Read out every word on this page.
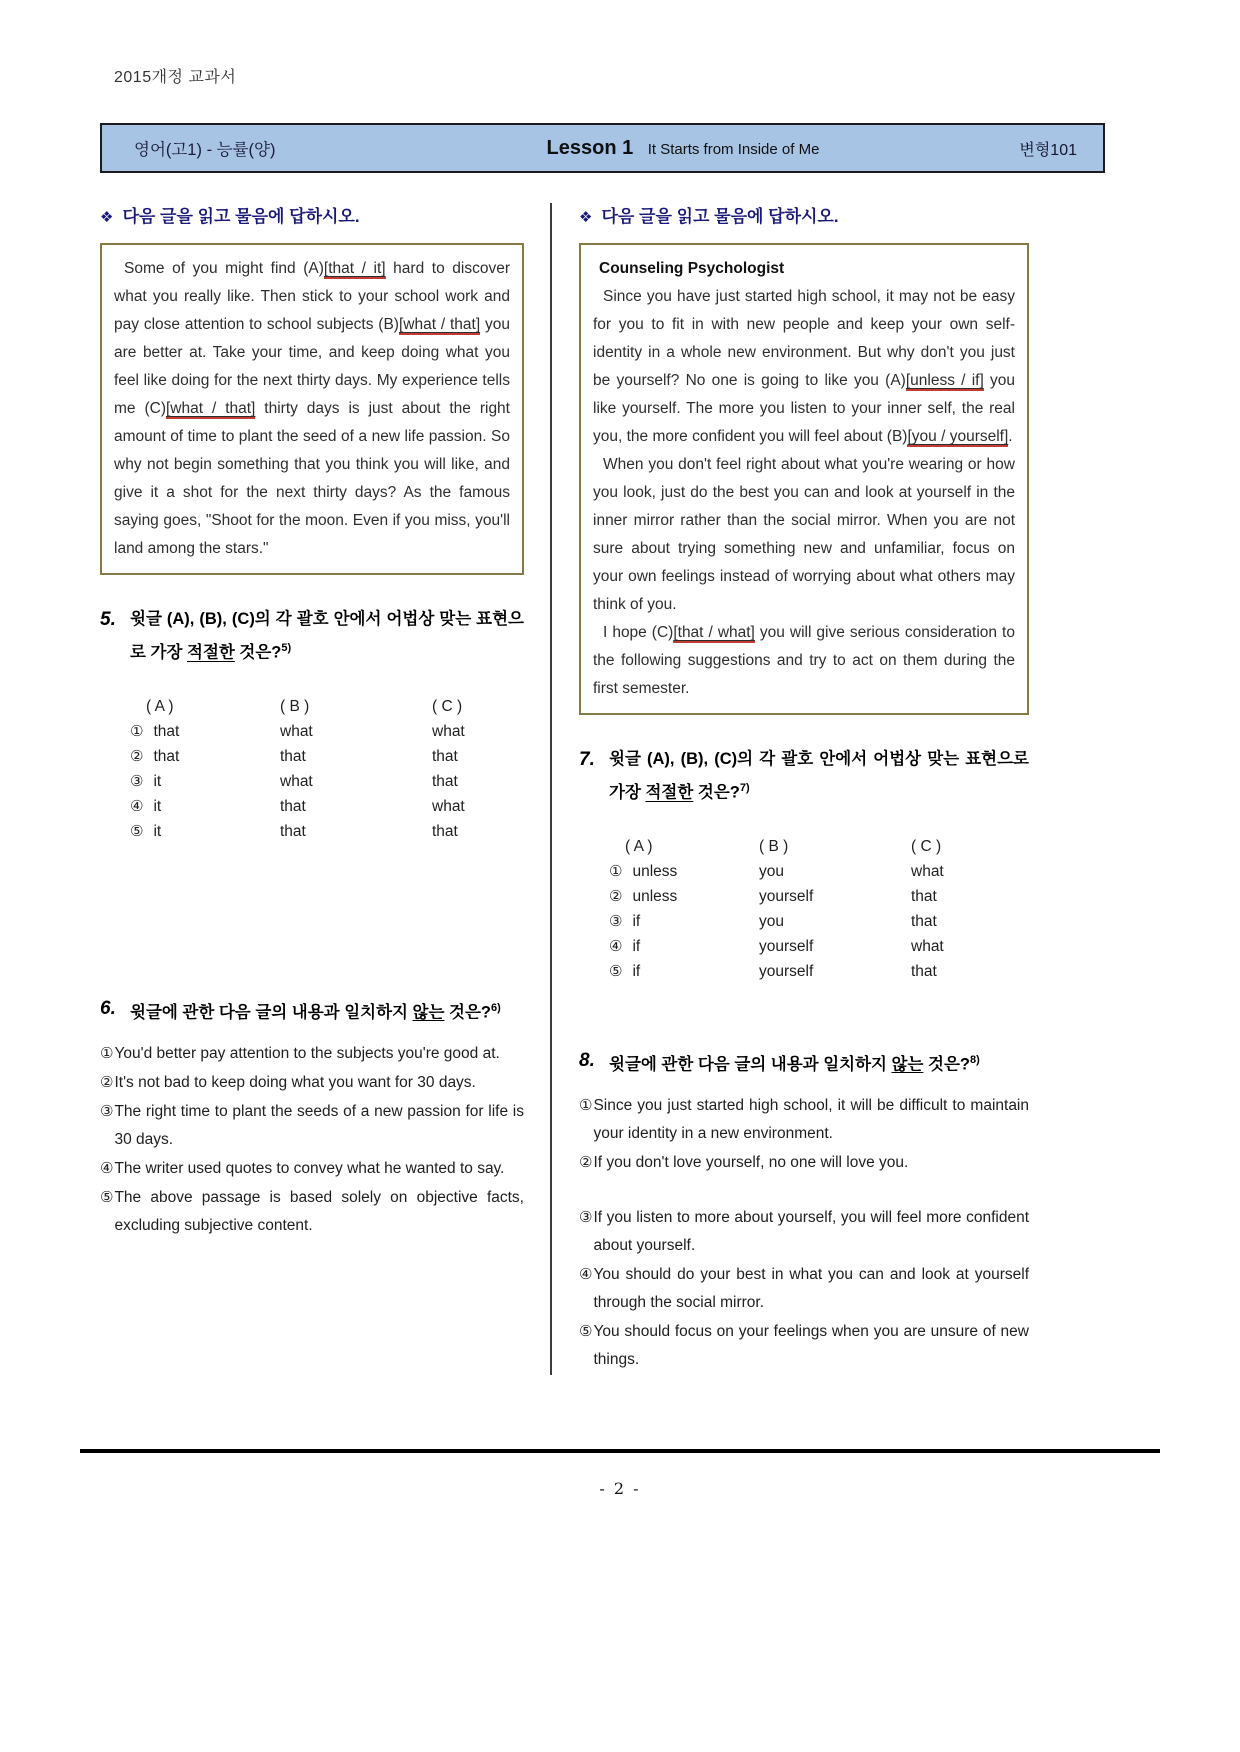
2015개정 교과서
영어(고1) - 능률(양)	Lesson 1 It Starts from Inside of Me	변형101
❖ 다음 글을 읽고 물음에 답하시오.
Some of you might find (A)[that / it] hard to discover what you really like. Then stick to your school work and pay close attention to school subjects (B)[what / that] you are better at. Take your time, and keep doing what you feel like doing for the next thirty days. My experience tells me (C)[what / that] thirty days is just about the right amount of time to plant the seed of a new life passion. So why not begin something that you think you will like, and give it a shot for the next thirty days? As the famous saying goes, "Shoot for the moon. Even if you miss, you'll land among the stars."
5. 윗글 (A), (B), (C)의 각 괄호 안에서 어법상 맞는 표현으로 가장 적절한 것은?$^{5)}$
( A )	( B )	( C )
① that	what	what
② that	that	that
③ it	what	that
④ it	that	what
⑤ it	that	that
6. 윗글에 관한 다음 글의 내용과 일치하지 않는 것은?$^{6)}$
① You'd better pay attention to the subjects you're good at.
② It's not bad to keep doing what you want for 30 days.
③ The right time to plant the seeds of a new passion for life is 30 days.
④ The writer used quotes to convey what he wanted to say.
⑤ The above passage is based solely on objective facts, excluding subjective content.
❖ 다음 글을 읽고 물음에 답하시오.
Counseling Psychologist
Since you have just started high school, it may not be easy for you to fit in with new people and keep your own self-identity in a whole new environment. But why don't you just be yourself? No one is going to like you (A)[unless / if] you like yourself. The more you listen to your inner self, the real you, the more confident you will feel about (B)[you / yourself].
When you don't feel right about what you're wearing or how you look, just do the best you can and look at yourself in the inner mirror rather than the social mirror. When you are not sure about trying something new and unfamiliar, focus on your own feelings instead of worrying about what others may think of you.
I hope (C)[that / what] you will give serious consideration to the following suggestions and try to act on them during the first semester.
7. 윗글 (A), (B), (C)의 각 괄호 안에서 어법상 맞는 표현으로 가장 적절한 것은?$^{7)}$
( A )	( B )	( C )
① unless	you	what
② unless	yourself	that
③ if	you	that
④ if	yourself	what
⑤ if	yourself	that
8. 윗글에 관한 다음 글의 내용과 일치하지 않는 것은?$^{8)}$
① Since you just started high school, it will be difficult to maintain your identity in a new environment.
② If you don't love yourself, no one will love you.
③ If you listen to more about yourself, you will feel more confident about yourself.
④ You should do your best in what you can and look at yourself through the social mirror.
⑤ You should focus on your feelings when you are unsure of new things.
- 2 -
